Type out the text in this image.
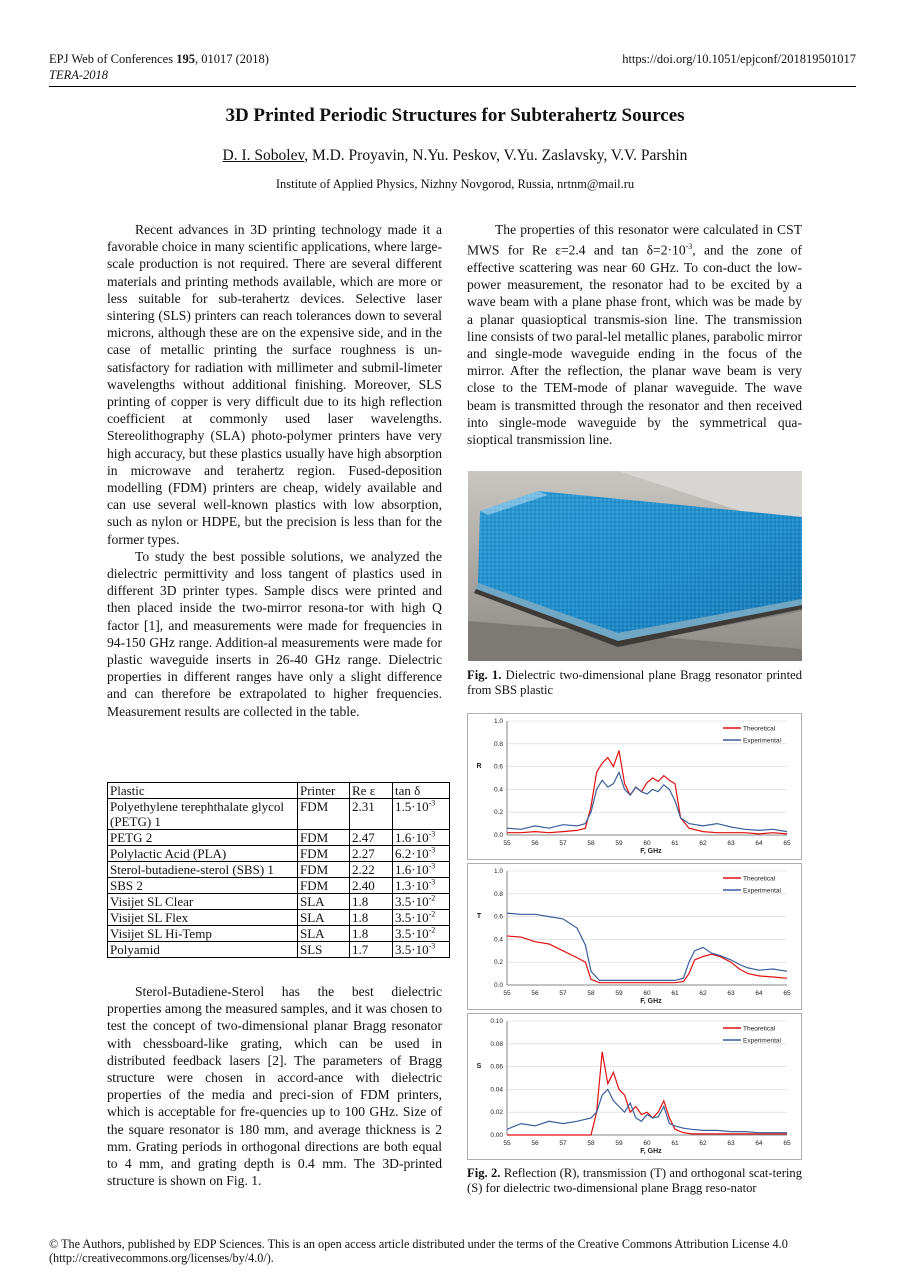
EPJ Web of Conferences 195, 01017 (2018)
TERA-2018
https://doi.org/10.1051/epjconf/201819501017
3D Printed Periodic Structures for Subterahertz Sources
D. I. Sobolev, M.D. Proyavin, N.Yu. Peskov, V.Yu. Zaslavsky, V.V. Parshin
Institute of Applied Physics, Nizhny Novgorod, Russia, nrtnm@mail.ru

Recent advances in 3D printing technology made it a favorable choice in many scientific applications, where large-scale production is not required. There are several different materials and printing methods available, which are more or less suitable for sub-terahertz devices. Selective laser sintering (SLS) printers can reach tolerances down to several microns, although these are on the expensive side, and in the case of metallic printing the surface roughness is un-satisfactory for radiation with millimeter and submil-limeter wavelengths without additional finishing. Moreover, SLS printing of copper is very difficult due to its high reflection coefficient at commonly used laser wavelengths. Stereolithography (SLA) photo-polymer printers have very high accuracy, but these plastics usually have high absorption in microwave and terahertz region. Fused-deposition modelling (FDM) printers are cheap, widely available and can use several well-known plastics with low absorption, such as nylon or HDPE, but the precision is less than for the former types.

To study the best possible solutions, we analyzed the dielectric permittivity and loss tangent of plastics used in different 3D printer types. Sample discs were printed and then placed inside the two-mirror resona-tor with high Q factor [1], and measurements were made for frequencies in 94-150 GHz range. Addition-al measurements were made for plastic waveguide inserts in 26-40 GHz range. Dielectric properties in different ranges have only a slight difference and can therefore be extrapolated to higher frequencies. Measurement results are collected in the table.

Plastic	Printer	Re ε	tan δ
Polyethylene terephthalate glycol (PETG) 1	FDM	2.31	$1.5\cdot 10^{-3}$
PETG 2	FDM	2.47	$1.6\cdot 10^{-3}$
Polylactic Acid (PLA)	FDM	2.27	$6.2\cdot 10^{-3}$
Sterol-butadiene-sterol (SBS) 1	FDM	2.22	$1.6\cdot 10^{-3}$
SBS 2	FDM	2.40	$1.3\cdot 10^{-3}$
Visijet SL Clear	SLA	1.8	$3.5\cdot 10^{-2}$
Visijet SL Flex	SLA	1.8	$3.5\cdot 10^{-2}$
Visijet SL Hi-Temp	SLA	1.8	$3.5\cdot 10^{-2}$
Polyamid	SLS	1.7	$3.5\cdot 10^{-3}$

Sterol-Butadiene-Sterol has the best dielectric properties among the measured samples, and it was chosen to test the concept of two-dimensional planar Bragg resonator with chessboard-like grating, which can be used in distributed feedback lasers [2]. The parameters of Bragg structure were chosen in accord-ance with dielectric properties of the media and preci-sion of FDM printers, which is acceptable for fre-quencies up to 100 GHz. Size of the square resonator is 180 mm, and average thickness is 2 mm. Grating periods in orthogonal directions are both equal to 4 mm, and grating depth is 0.4 mm. The 3D-printed structure is shown on Fig. 1.

The properties of this resonator were calculated in CST MWS for Re ε=2.4 and $\tan \delta=2\cdot 10^{-3}$, and the zone of effective scattering was near 60 GHz. To con-duct the low-power measurement, the resonator had to be excited by a wave beam with a plane phase front, which was be made by a planar quasioptical transmis-sion line. The transmission line consists of two paral-lel metallic planes, parabolic mirror and single-mode waveguide ending in the focus of the mirror. After the reflection, the planar wave beam is very close to the TEM-mode of planar waveguide. The wave beam is transmitted through the resonator and then received into single-mode waveguide by the symmetrical qua-sioptical transmission line.

Fig. 1. Dielectric two-dimensional plane Bragg resonator printed from SBS plastic
0.0
0.2
0.4
0.6
0.8
1.0
55	56	57	58	59	60	61	62	63	64	65
F, GHz
R
Theoretical
Experimental
0.0
0.2
0.4
0.6
0.8
1.0
55	56	57	58	59	60	61	62	63	64	65
F, GHz
T
Theoretical
Experimental
0.00
0.02
0.04
0.06
0.08
0.10
55	56	57	58	59	60	61	62	63	64	65
F, GHz
S
Theoretical
Experimental
Fig. 2. Reflection (R), transmission (T) and orthogonal scat-tering (S) for dielectric two-dimensional plane Bragg reso-nator
© The Authors, published by EDP Sciences. This is an open access article distributed under the terms of the Creative Commons Attribution License 4.0 (http://creativecommons.org/licenses/by/4.0/).
